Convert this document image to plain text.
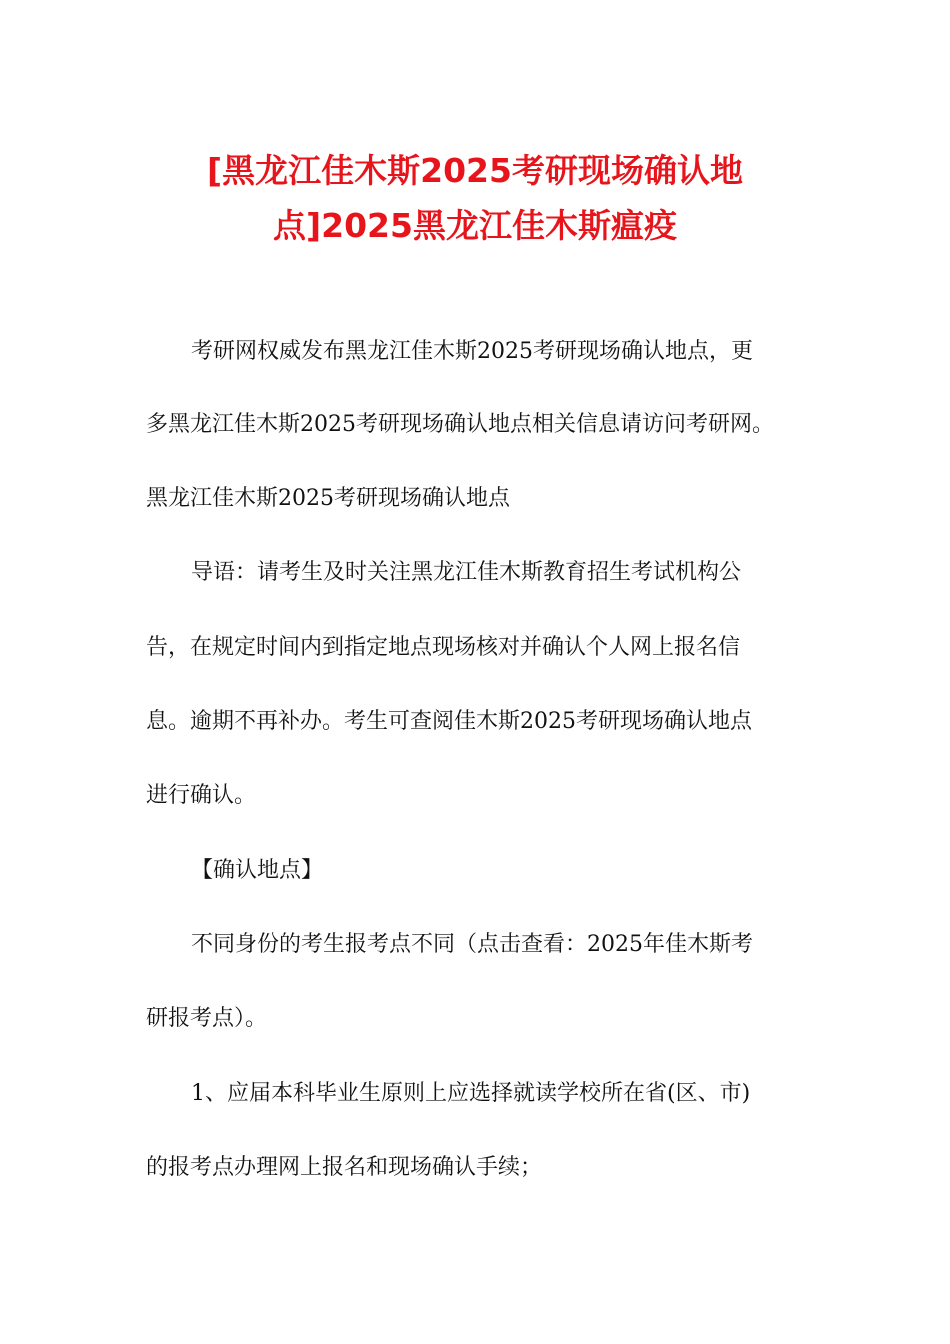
[黑龙江佳木斯2025考研现场确认地
点]2025黑龙江佳木斯瘟疫
考研网权威发布黑龙江佳木斯2025考研现场确认地点，更
多黑龙江佳木斯2025考研现场确认地点相关信息请访问考研网。
黑龙江佳木斯2025考研现场确认地点
导语：请考生及时关注黑龙江佳木斯教育招生考试机构公
告，在规定时间内到指定地点现场核对并确认个人网上报名信
息。逾期不再补办。考生可查阅佳木斯2025考研现场确认地点
进行确认。
【确认地点】
不同身份的考生报考点不同（点击查看：2025年佳木斯考
研报考点）。
1、应届本科毕业生原则上应选择就读学校所在省(区、市)
的报考点办理网上报名和现场确认手续；
